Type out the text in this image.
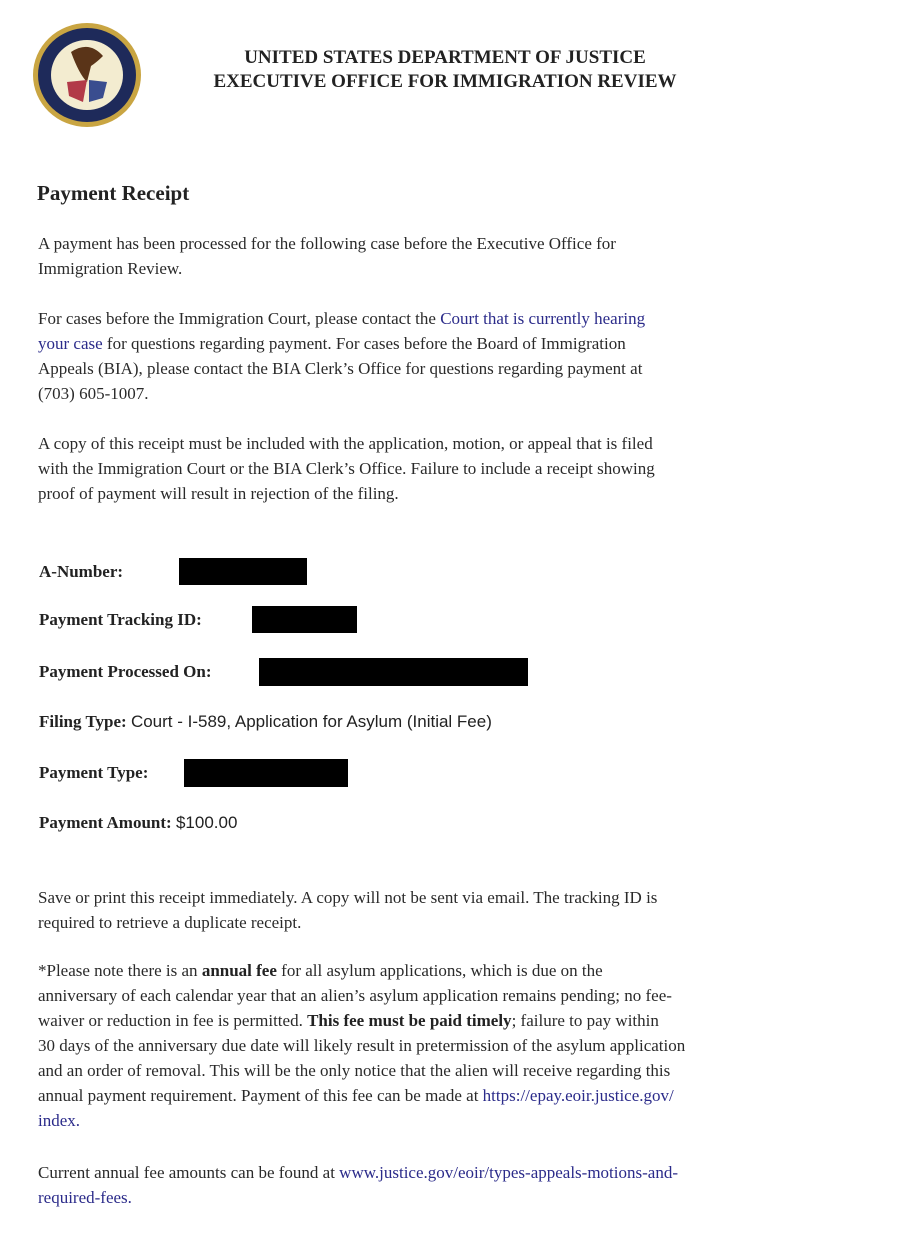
UNITED STATES DEPARTMENT OF JUSTICE
EXECUTIVE OFFICE FOR IMMIGRATION REVIEW
Payment Receipt
A payment has been processed for the following case before the Executive Office for
Immigration Review.
For cases before the Immigration Court, please contact the Court that is currently hearing
your case for questions regarding payment. For cases before the Board of Immigration
Appeals (BIA), please contact the BIA Clerk’s Office for questions regarding payment at
(703) 605-1007.
A copy of this receipt must be included with the application, motion, or appeal that is filed
with the Immigration Court or the BIA Clerk’s Office. Failure to include a receipt showing
proof of payment will result in rejection of the filing.
A-Number:
Payment Tracking ID:
Payment Processed On:
Filing Type: Court - I-589, Application for Asylum (Initial Fee)
Payment Type:
Payment Amount: $100.00
Save or print this receipt immediately. A copy will not be sent via email. The tracking ID is
required to retrieve a duplicate receipt.
*Please note there is an annual fee for all asylum applications, which is due on the
anniversary of each calendar year that an alien’s asylum application remains pending; no fee-
waiver or reduction in fee is permitted. This fee must be paid timely; failure to pay within
30 days of the anniversary due date will likely result in pretermission of the asylum application
and an order of removal. This will be the only notice that the alien will receive regarding this
annual payment requirement. Payment of this fee can be made at https://epay.eoir.justice.gov/
index.
Current annual fee amounts can be found at www.justice.gov/eoir/types-appeals-motions-and-
required-fees.
